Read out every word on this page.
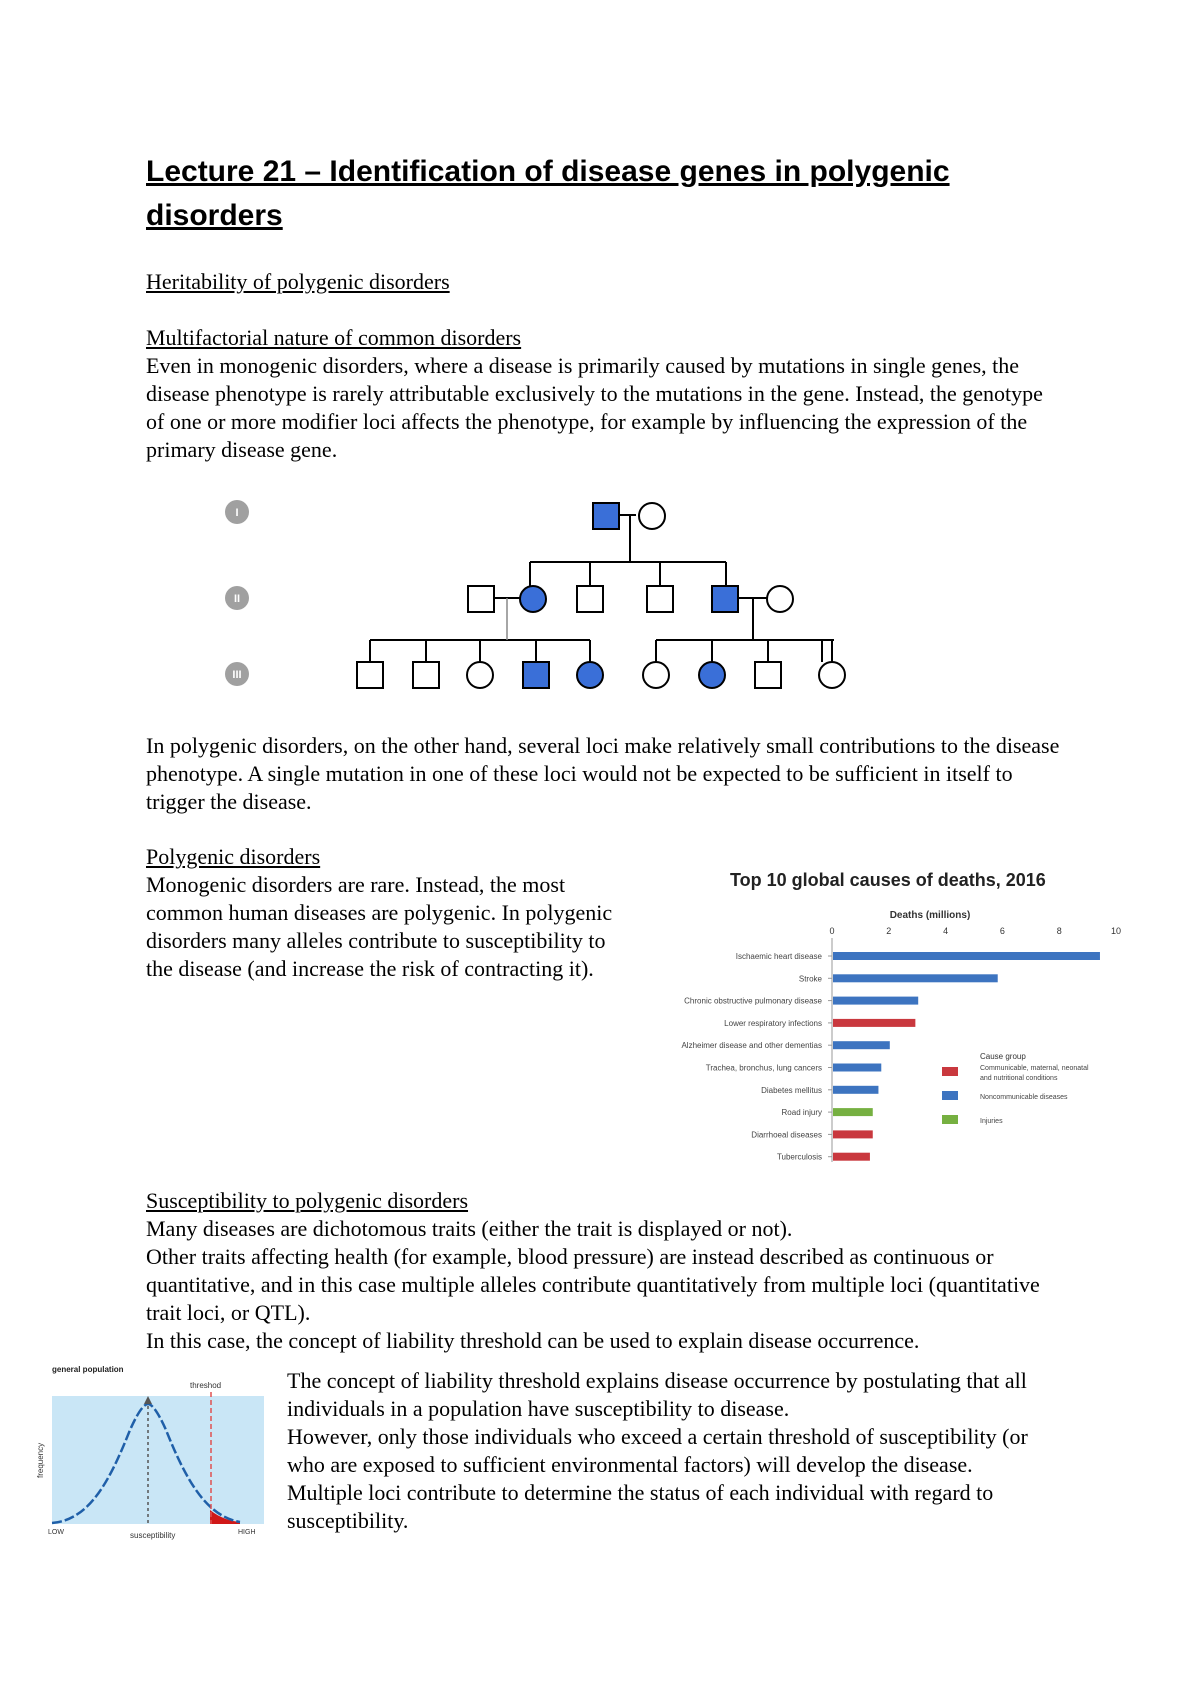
Lecture 21 – Identification of disease genes in polygenic disorders
Heritability of polygenic disorders
Multifactorial nature of common disorders
Even in monogenic disorders, where a disease is primarily caused by mutations in single genes, the disease phenotype is rarely attributable exclusively to the mutations in the gene. Instead, the genotype of one or more modifier loci affects the phenotype, for example by influencing the expression of the primary disease gene.
I
II
III
In polygenic disorders, on the other hand, several loci make relatively small contributions to the disease phenotype. A single mutation in one of these loci would not be expected to be sufficient in itself to trigger the disease.
Polygenic disorders
Monogenic disorders are rare. Instead, the most common human diseases are polygenic. In polygenic disorders many alleles contribute to susceptibility to the disease (and increase the risk of contracting it).
Top 10 global causes of deaths, 2016
Deaths (millions)
0	2	4	6	8	10
Ischaemic heart disease
Stroke
Chronic obstructive pulmonary disease
Lower respiratory infections
Alzheimer disease and other dementias
Trachea, bronchus, lung cancers
Diabetes mellitus
Road injury
Diarrhoeal diseases
Tuberculosis
Cause group
Communicable, maternal, neonatal and nutritional conditions
Noncommunicable diseases
Injuries
Susceptibility to polygenic disorders

Many diseases are dichotomous traits (either the trait is displayed or not).

Other traits affecting health (for example, blood pressure) are instead described as continuous or quantitative, and in this case multiple alleles contribute quantitatively from multiple loci (quantitative trait loci, or QTL).

In this case, the concept of liability threshold can be used to explain disease occurrence.

general population
threshod
frequency
LOW	susceptibility	HIGH

The concept of liability threshold explains disease occurrence by postulating that all individuals in a population have susceptibility to disease.

However, only those individuals who exceed a certain threshold of susceptibility (or who are exposed to sufficient environmental factors) will develop the disease.

Multiple loci contribute to determine the status of each individual with regard to susceptibility.
